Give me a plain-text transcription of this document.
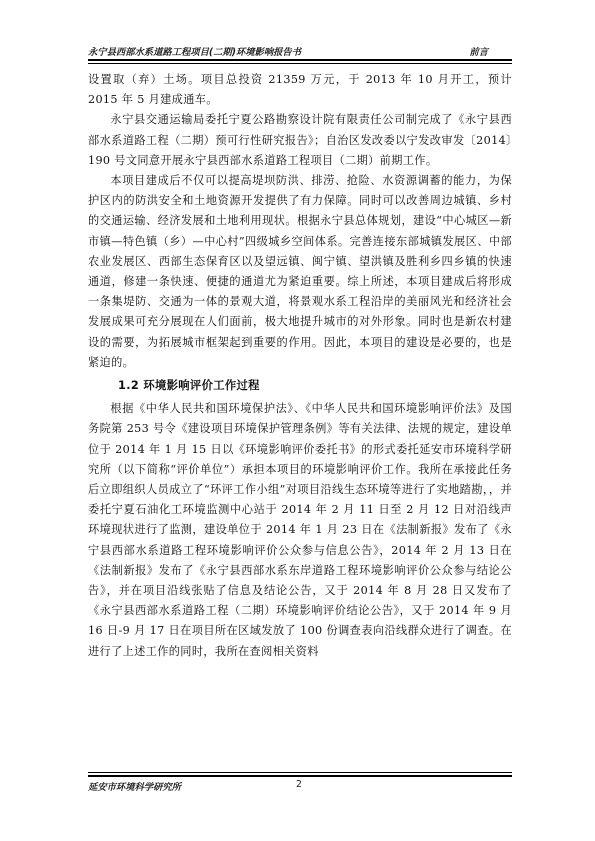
永宁县西部水系道路工程项目(二期)环境影响报告书	前言

设置取（弃）土场。项目总投资 21359 万元，于 2013 年 10 月开工，预计 2015 年 5 月建成通车。

永宁县交通运输局委托宁夏公路勘察设计院有限责任公司制完成了《永宁县西部水系道路工程（二期）预可行性研究报告》；自治区发改委以宁发改审发〔2014〕190 号文同意开展永宁县西部水系道路工程项目（二期）前期工作。

本项目建成后不仅可以提高堤坝防洪、排涝、抢险、水资源调蓄的能力，为保护区内的防洪安全和土地资源开发提供了有力保障。同时可以改善周边城镇、乡村的交通运输、经济发展和土地利用现状。根据永宁县总体规划，建设“中心城区—新市镇—特色镇（乡）—中心村”四级城乡空间体系。完善连接东部城镇发展区、中部农业发展区、西部生态保育区以及望远镇、闽宁镇、望洪镇及胜利乡四乡镇的快速通道，修建一条快速、便捷的通道尤为紧迫重要。综上所述，本项目建成后将形成一条集堤防、交通为一体的景观大道，将景观水系工程沿岸的美丽风光和经济社会发展成果可充分展现在人们面前，极大地提升城市的对外形象。同时也是新农村建设的需要，为拓展城市框架起到重要的作用。因此，本项目的建设是必要的，也是紧迫的。

1.2 环境影响评价工作过程

根据《中华人民共和国环境保护法》、《中华人民共和国环境影响评价法》及国务院第 253 号令《建设项目环境保护管理条例》等有关法律、法规的规定，建设单位于 2014 年 1 月 15 日以《环境影响评价委托书》的形式委托延安市环境科学研究所（以下简称“评价单位”）承担本项目的环境影响评价工作。我所在承接此任务后立即组织人员成立了“环评工作小组”对项目沿线生态环境等进行了实地踏勘，，并委托宁夏石油化工环境监测中心站于 2014 年 2 月 11 日至 2 月 12 日对沿线声环境现状进行了监测，建设单位于 2014 年 1 月 23 日在《法制新报》发布了《永宁县西部水系道路工程环境影响评价公众参与信息公告》，2014 年 2 月 13 日在《法制新报》发布了《永宁县西部水系东岸道路工程环境影响评价公众参与结论公告》，并在项目沿线张贴了信息及结论公告，又于 2014 年 8 月 28 日又发布了《永宁县西部水系道路工程（二期）环境影响评价结论公告》，又于 2014 年 9 月 16 日-9 月 17 日在项目所在区域发放了 100 份调查表向沿线群众进行了调查。在进行了上述工作的同时，我所在查阅相关资料

延安市环境科学研究所	2
